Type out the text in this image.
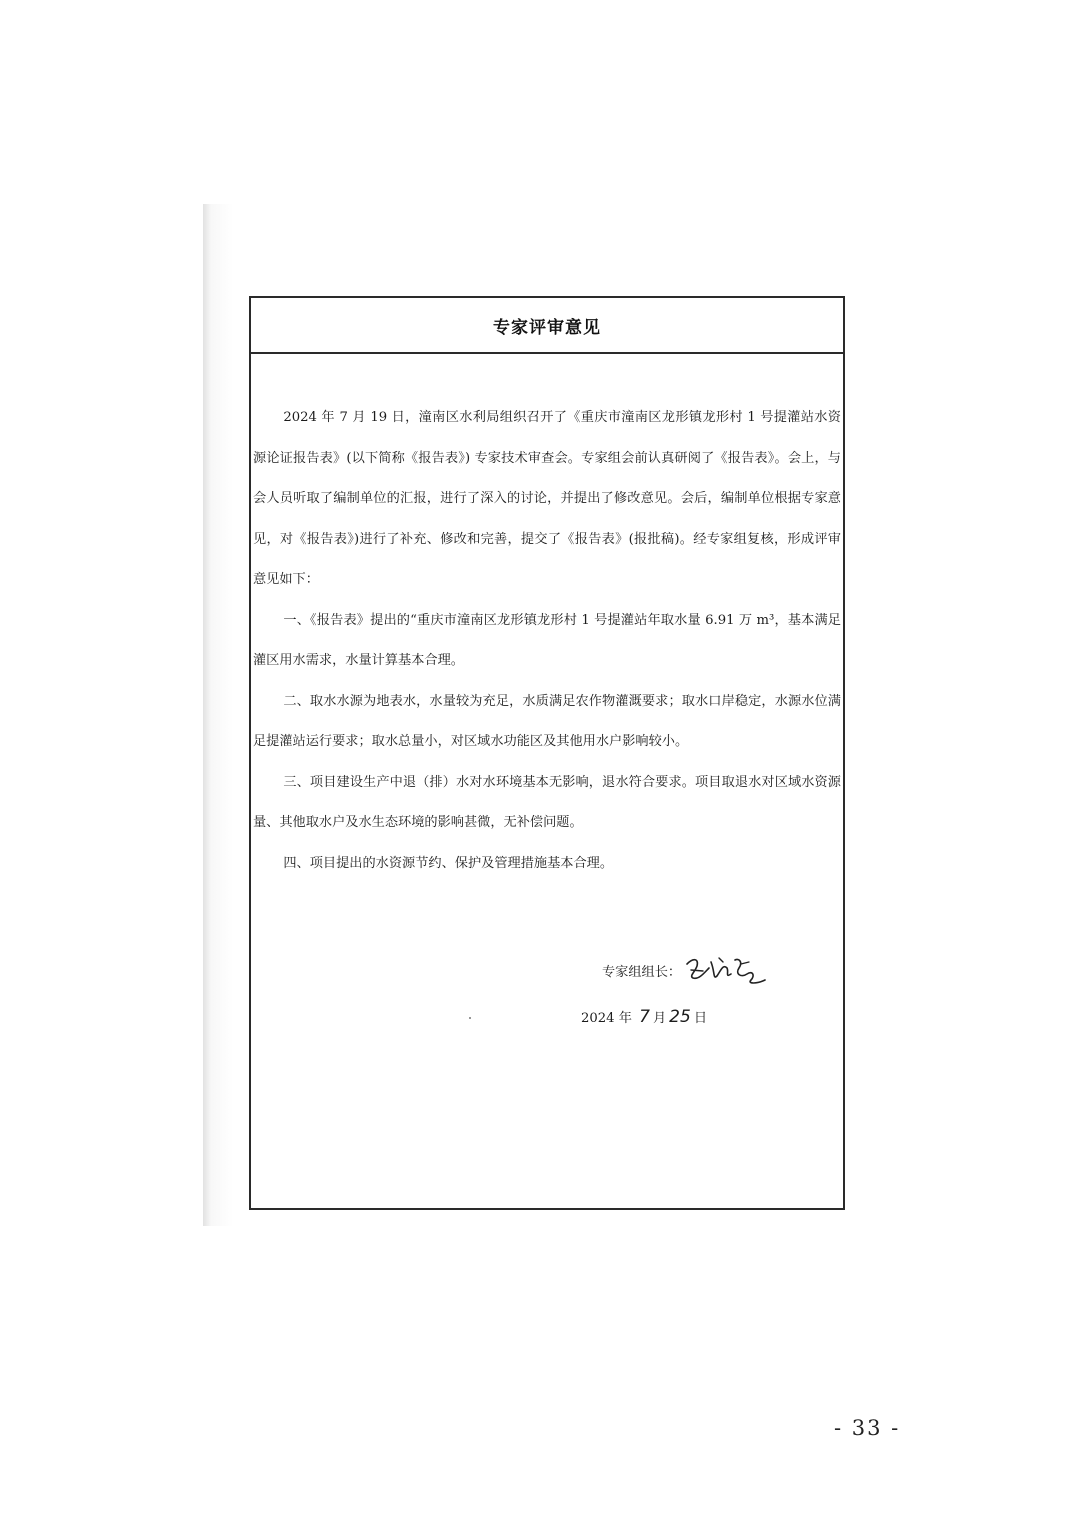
专家评审意见

2024 年 7 月 19 日，潼南区水利局组织召开了《重庆市潼南区龙形镇龙形村 1 号提灌站水资源论证报告表》(以下简称《报告表》) 专家技术审查会。专家组会前认真研阅了《报告表》。会上，与会人员听取了编制单位的汇报，进行了深入的讨论，并提出了修改意见。会后，编制单位根据专家意见，对《报告表》)进行了补充、修改和完善，提交了《报告表》(报批稿)。经专家组复核，形成评审意见如下：

一、《报告表》提出的“重庆市潼南区龙形镇龙形村 1 号提灌站年取水量 6.91 万 m³，基本满足灌区用水需求，水量计算基本合理。

二、取水水源为地表水，水量较为充足，水质满足农作物灌溉要求；取水口岸稳定，水源水位满足提灌站运行要求；取水总量小，对区域水功能区及其他用水户影响较小。

三、项目建设生产中退（排）水对水环境基本无影响，退水符合要求。项目取退水对区域水资源量、其他取水户及水生态环境的影响甚微，无补偿问题。

四、项目提出的水资源节约、保护及管理措施基本合理。

专家组组长：
2024 年 7 月 25 日
- 33 -
